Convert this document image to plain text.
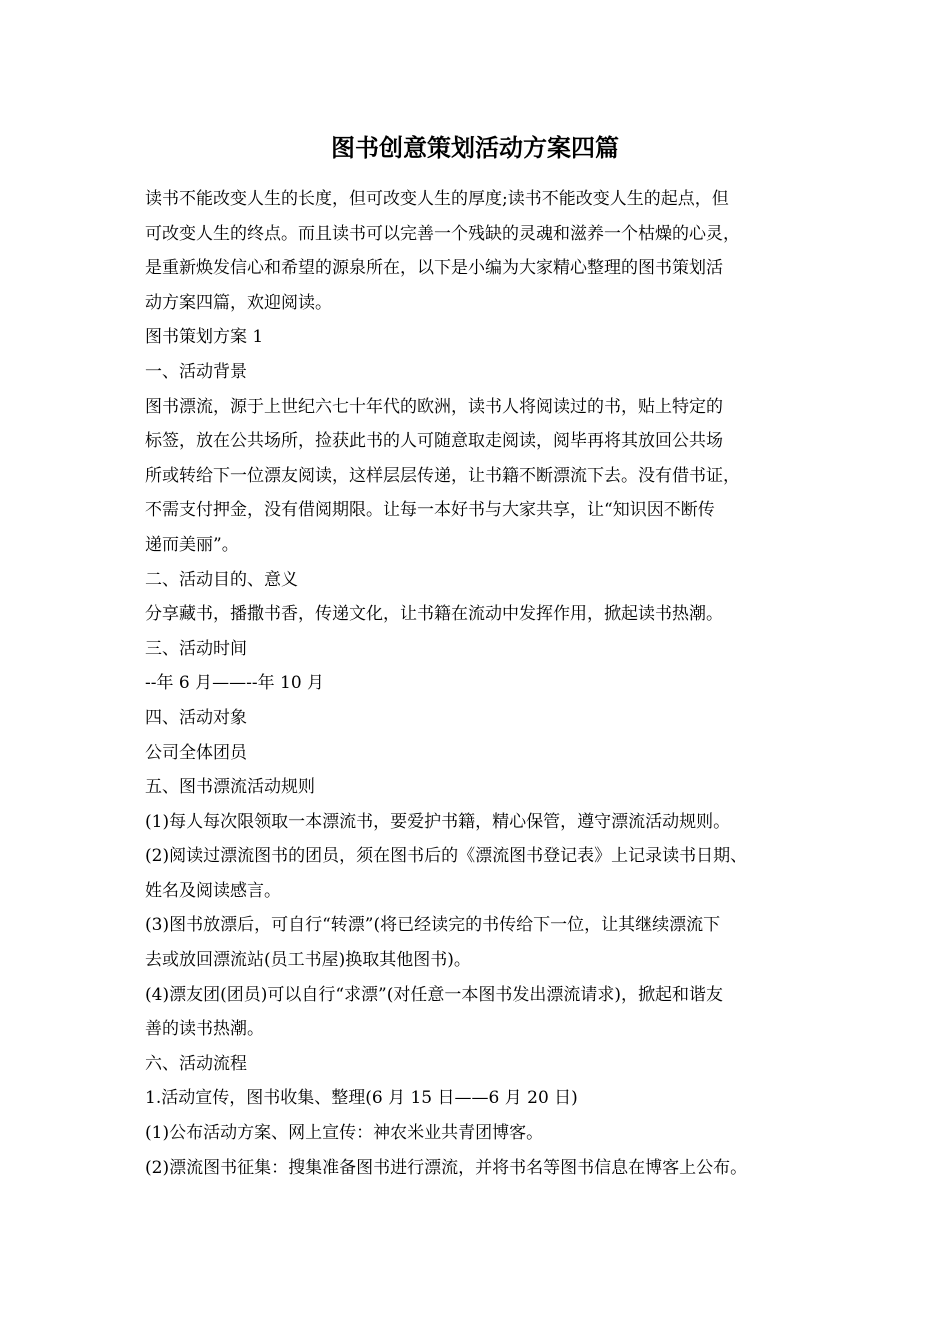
图书创意策划活动方案四篇
读书不能改变人生的长度，但可改变人生的厚度;读书不能改变人生的起点，但
可改变人生的终点。而且读书可以完善一个残缺的灵魂和滋养一个枯燥的心灵，
是重新焕发信心和希望的源泉所在，以下是小编为大家精心整理的图书策划活
动方案四篇，欢迎阅读。
图书策划方案 1
一、活动背景
图书漂流，源于上世纪六七十年代的欧洲，读书人将阅读过的书，贴上特定的
标签，放在公共场所，捡获此书的人可随意取走阅读，阅毕再将其放回公共场
所或转给下一位漂友阅读，这样层层传递，让书籍不断漂流下去。没有借书证，
不需支付押金，没有借阅期限。让每一本好书与大家共享，让“知识因不断传
递而美丽”。
二、活动目的、意义
分享藏书，播撒书香，传递文化，让书籍在流动中发挥作用，掀起读书热潮。
三、活动时间
--年 6 月——--年 10 月
四、活动对象
公司全体团员
五、图书漂流活动规则
(1)每人每次限领取一本漂流书，要爱护书籍，精心保管，遵守漂流活动规则。
(2)阅读过漂流图书的团员，须在图书后的《漂流图书登记表》上记录读书日期、
姓名及阅读感言。
(3)图书放漂后，可自行“转漂”(将已经读完的书传给下一位，让其继续漂流下
去或放回漂流站(员工书屋)换取其他图书)。
(4)漂友团(团员)可以自行“求漂”(对任意一本图书发出漂流请求)，掀起和谐友
善的读书热潮。
六、活动流程
1.活动宣传，图书收集、整理(6 月 15 日——6 月 20 日)
(1)公布活动方案、网上宣传：神农米业共青团博客。
(2)漂流图书征集：搜集准备图书进行漂流，并将书名等图书信息在博客上公布。
